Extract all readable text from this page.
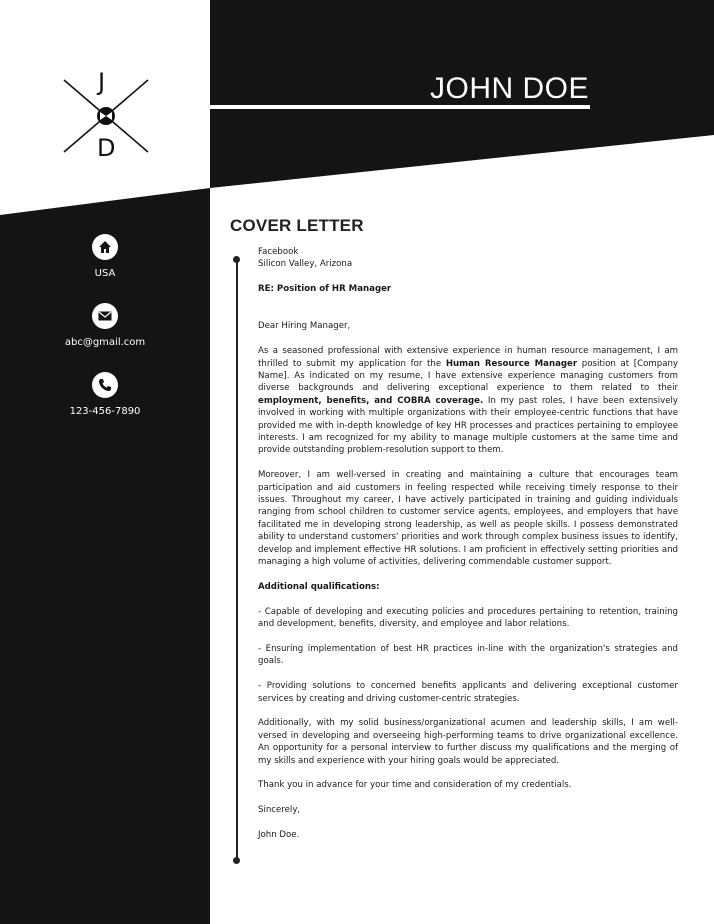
J
D
JOHN DOE
USA
abc@gmail.com
123-456-7890
COVER LETTER

Facebook

Silicon Valley, Arizona

RE: Position of HR Manager

Dear Hiring Manager,

As a seasoned professional with extensive experience in human resource management, I am thrilled to submit my application for the Human Resource Manager position at [Company Name]. As indicated on my resume, I have extensive experience managing customers from diverse backgrounds and delivering exceptional experience to them related to their employment, benefits, and COBRA coverage. In my past roles, I have been extensively involved in working with multiple organizations with their employee-centric functions that have provided me with in-depth knowledge of key HR processes and practices pertaining to employee interests. I am recognized for my ability to manage multiple customers at the same time and provide outstanding problem-resolution support to them.

Moreover, I am well-versed in creating and maintaining a culture that encourages team participation and aid customers in feeling respected while receiving timely response to their issues. Throughout my career, I have actively participated in training and guiding individuals ranging from school children to customer service agents, employees, and employers that have facilitated me in developing strong leadership, as well as people skills. I possess demonstrated ability to understand customers' priorities and work through complex business issues to identify, develop and implement effective HR solutions. I am proficient in effectively setting priorities and managing a high volume of activities, delivering commendable customer support.

Additional qualifications:

- Capable of developing and executing policies and procedures pertaining to retention, training and development, benefits, diversity, and employee and labor relations.

- Ensuring implementation of best HR practices in-line with the organization's strategies and goals.

- Providing solutions to concerned benefits applicants and delivering exceptional customer services by creating and driving customer-centric strategies.

Additionally, with my solid business/organizational acumen and leadership skills, I am well-versed in developing and overseeing high-performing teams to drive organizational excellence. An opportunity for a personal interview to further discuss my qualifications and the merging of my skills and experience with your hiring goals would be appreciated.

Thank you in advance for your time and consideration of my credentials.

Sincerely,

John Doe.
